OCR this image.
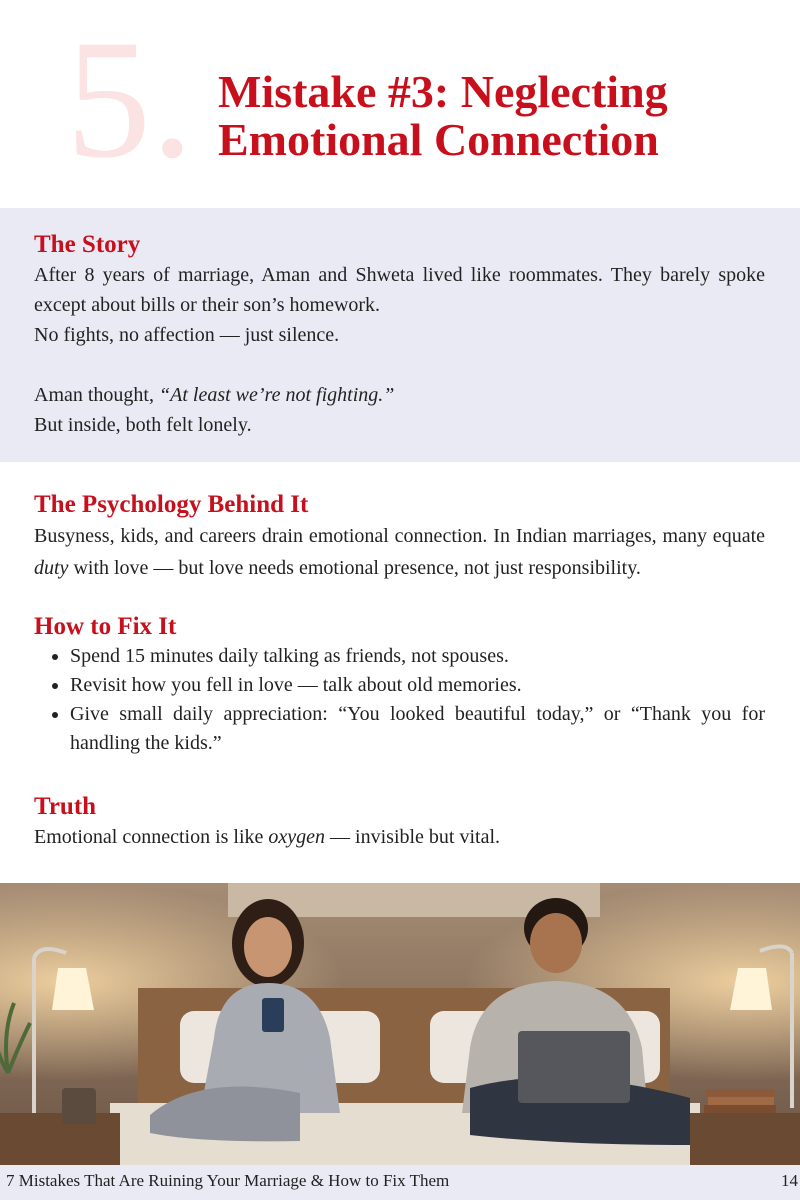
5. Mistake #3: Neglecting
Emotional Connection
The Story

After 8 years of marriage, Aman and Shweta lived like roommates. They barely spoke except about bills or their son’s homework.

No fights, no affection — just silence.

Aman thought, “At least we’re not fighting.”

But inside, both felt lonely.

The Psychology Behind It

Busyness, kids, and careers drain emotional connection. In Indian marriages, many equate duty with love — but love needs emotional presence, not just responsibility.

How to Fix It
• Spend 15 minutes daily talking as friends, not spouses.
• Revisit how you fell in love — talk about old memories.
• Give small daily appreciation: “You looked beautiful today,” or “Thank you for handling the kids.”
Truth

Emotional connection is like oxygen — invisible but vital.

7 Mistakes That Are Ruining Your Marriage & How to Fix Them	14
